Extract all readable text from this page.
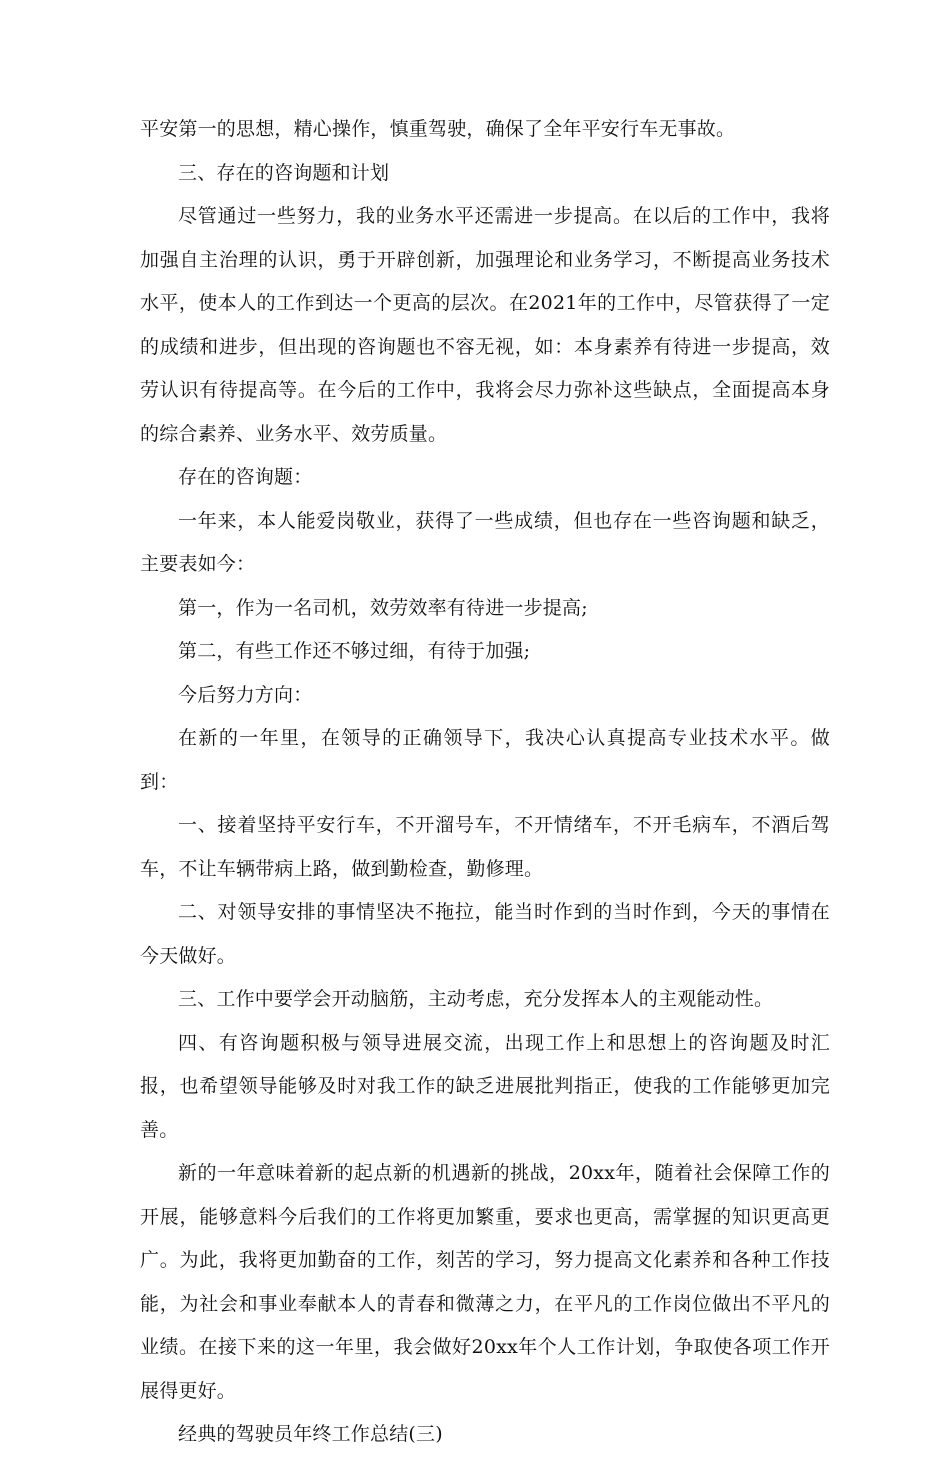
平安第一的思想，精心操作，慎重驾驶，确保了全年平安行车无事故。

三、存在的咨询题和计划

尽管通过一些努力，我的业务水平还需进一步提高。在以后的工作中，我将加强自主治理的认识，勇于开辟创新，加强理论和业务学习，不断提高业务技术水平，使本人的工作到达一个更高的层次。在2021年的工作中，尽管获得了一定的成绩和进步，但出现的咨询题也不容无视，如：本身素养有待进一步提高，效劳认识有待提高等。在今后的工作中，我将会尽力弥补这些缺点，全面提高本身的综合素养、业务水平、效劳质量。

存在的咨询题：

一年来，本人能爱岗敬业，获得了一些成绩，但也存在一些咨询题和缺乏，主要表如今：

第一，作为一名司机，效劳效率有待进一步提高;

第二，有些工作还不够过细，有待于加强;

今后努力方向：

在新的一年里，在领导的正确领导下，我决心认真提高专业技术水平。做到：

一、接着坚持平安行车，不开溜号车，不开情绪车，不开毛病车，不酒后驾车，不让车辆带病上路，做到勤检查，勤修理。

二、对领导安排的事情坚决不拖拉，能当时作到的当时作到，今天的事情在今天做好。

三、工作中要学会开动脑筋，主动考虑，充分发挥本人的主观能动性。

四、有咨询题积极与领导进展交流，出现工作上和思想上的咨询题及时汇报，也希望领导能够及时对我工作的缺乏进展批判指正，使我的工作能够更加完善。

新的一年意味着新的起点新的机遇新的挑战，20xx年，随着社会保障工作的开展，能够意料今后我们的工作将更加繁重，要求也更高，需掌握的知识更高更广。为此，我将更加勤奋的工作，刻苦的学习，努力提高文化素养和各种工作技能，为社会和事业奉献本人的青春和微薄之力，在平凡的工作岗位做出不平凡的业绩。在接下来的这一年里，我会做好20xx年个人工作计划，争取使各项工作开展得更好。

经典的驾驶员年终工作总结(三)
